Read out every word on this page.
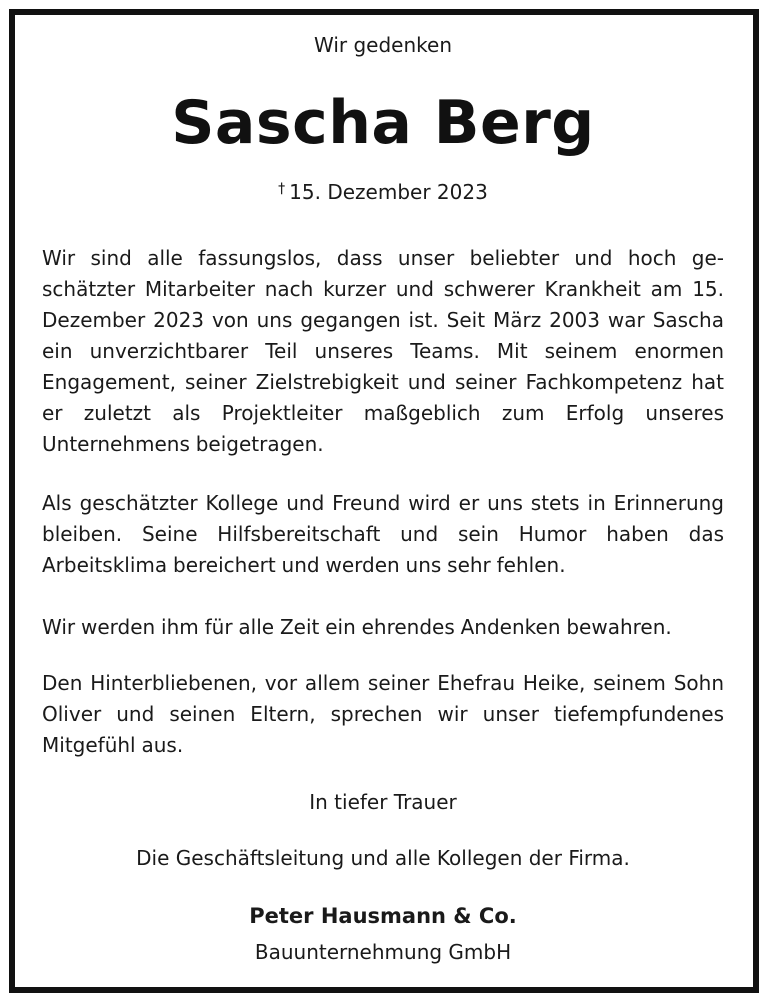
Wir gedenken
Sascha Berg
† 15. Dezember 2023
Wir sind alle fassungslos, dass unser beliebter und hoch geschätzter Mitarbeiter nach kurzer und schwerer Krankheit am 15. Dezember 2023 von uns gegangen ist. Seit März 2003 war Sascha ein unverzichtbarer Teil unseres Teams. Mit seinem enormen Engagement, seiner Zielstrebigkeit und seiner Fachkompetenz hat er zuletzt als Projektleiter maßgeblich zum Erfolg unseres Unternehmens beigetragen.
Als geschätzter Kollege und Freund wird er uns stets in Erinnerung bleiben. Seine Hilfsbereitschaft und sein Humor haben das Arbeitsklima bereichert und werden uns sehr fehlen.
Wir werden ihm für alle Zeit ein ehrendes Andenken bewahren.
Den Hinterbliebenen, vor allem seiner Ehefrau Heike, seinem Sohn Oliver und seinen Eltern, sprechen wir unser tiefempfundenes Mitgefühl aus.
In tiefer Trauer
Die Geschäftsleitung und alle Kollegen der Firma.
Peter Hausmann & Co.
Bauunternehmung GmbH
